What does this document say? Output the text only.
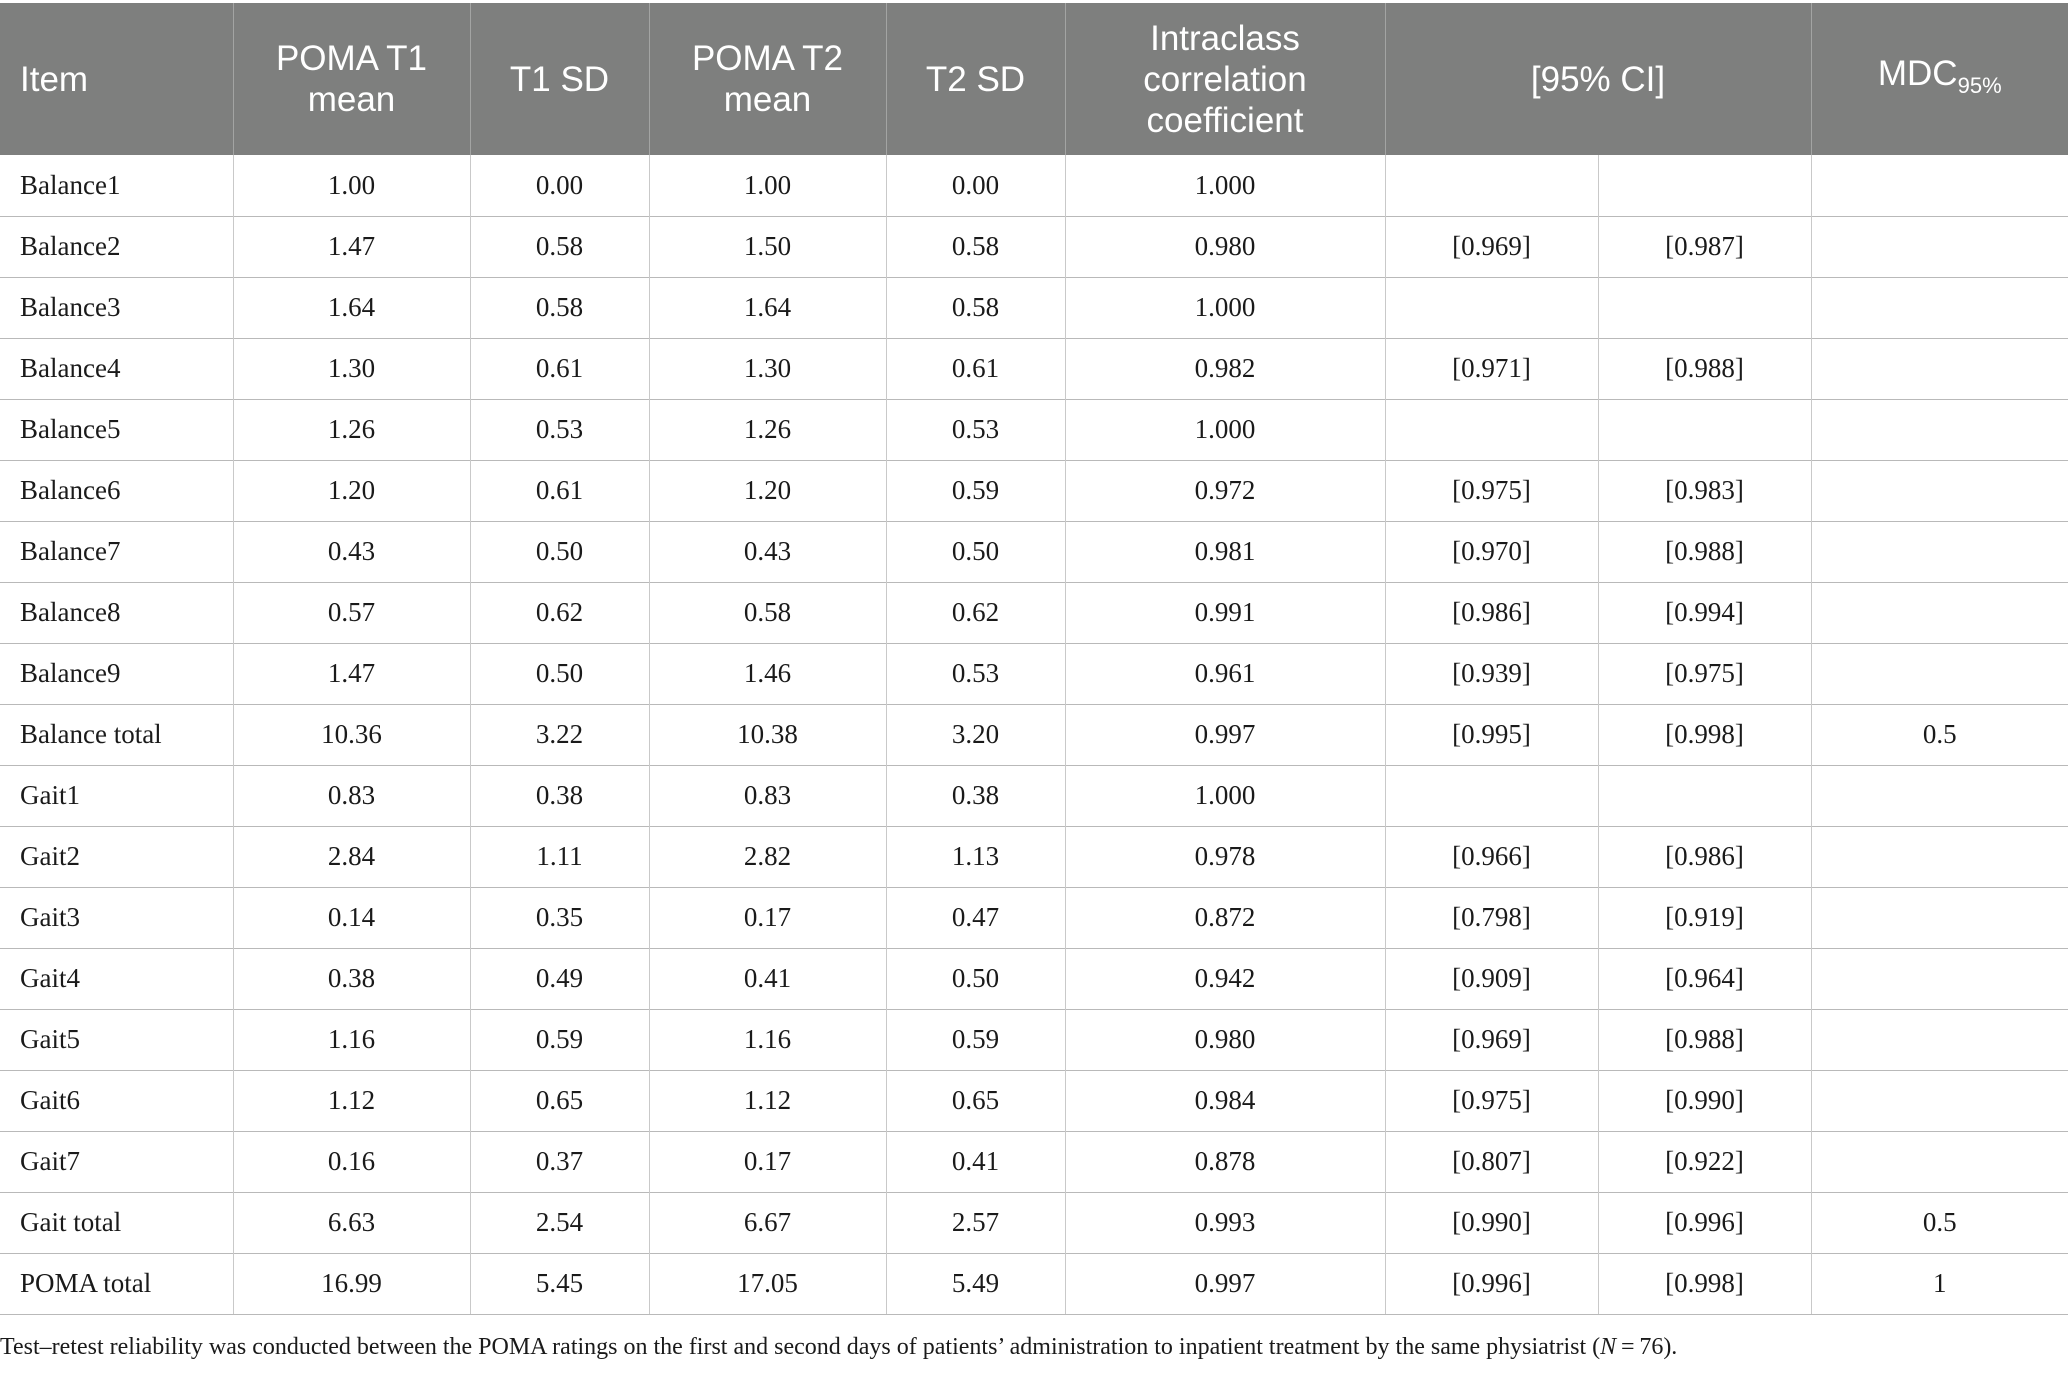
Item	POMA T1 mean	T1 SD	POMA T2 mean	T2 SD	Intraclass correlation coefficient	[95% CI]		$MDC_{95\%}$
Balance1	1.00	0.00	1.00	0.00	1.000			
Balance2	1.47	0.58	1.50	0.58	0.980	[0.969]	[0.987]	
Balance3	1.64	0.58	1.64	0.58	1.000			
Balance4	1.30	0.61	1.30	0.61	0.982	[0.971]	[0.988]	
Balance5	1.26	0.53	1.26	0.53	1.000			
Balance6	1.20	0.61	1.20	0.59	0.972	[0.975]	[0.983]	
Balance7	0.43	0.50	0.43	0.50	0.981	[0.970]	[0.988]	
Balance8	0.57	0.62	0.58	0.62	0.991	[0.986]	[0.994]	
Balance9	1.47	0.50	1.46	0.53	0.961	[0.939]	[0.975]	
Balance total	10.36	3.22	10.38	3.20	0.997	[0.995]	[0.998]	0.5
Gait1	0.83	0.38	0.83	0.38	1.000			
Gait2	2.84	1.11	2.82	1.13	0.978	[0.966]	[0.986]	
Gait3	0.14	0.35	0.17	0.47	0.872	[0.798]	[0.919]	
Gait4	0.38	0.49	0.41	0.50	0.942	[0.909]	[0.964]	
Gait5	1.16	0.59	1.16	0.59	0.980	[0.969]	[0.988]	
Gait6	1.12	0.65	1.12	0.65	0.984	[0.975]	[0.990]	
Gait7	0.16	0.37	0.17	0.41	0.878	[0.807]	[0.922]	
Gait total	6.63	2.54	6.67	2.57	0.993	[0.990]	[0.996]	0.5
POMA total	16.99	5.45	17.05	5.49	0.997	[0.996]	[0.998]	1
Test–retest reliability was conducted between the POMA ratings on the first and second days of patients’ administration to inpatient treatment by the same physiatrist (N = 76).
